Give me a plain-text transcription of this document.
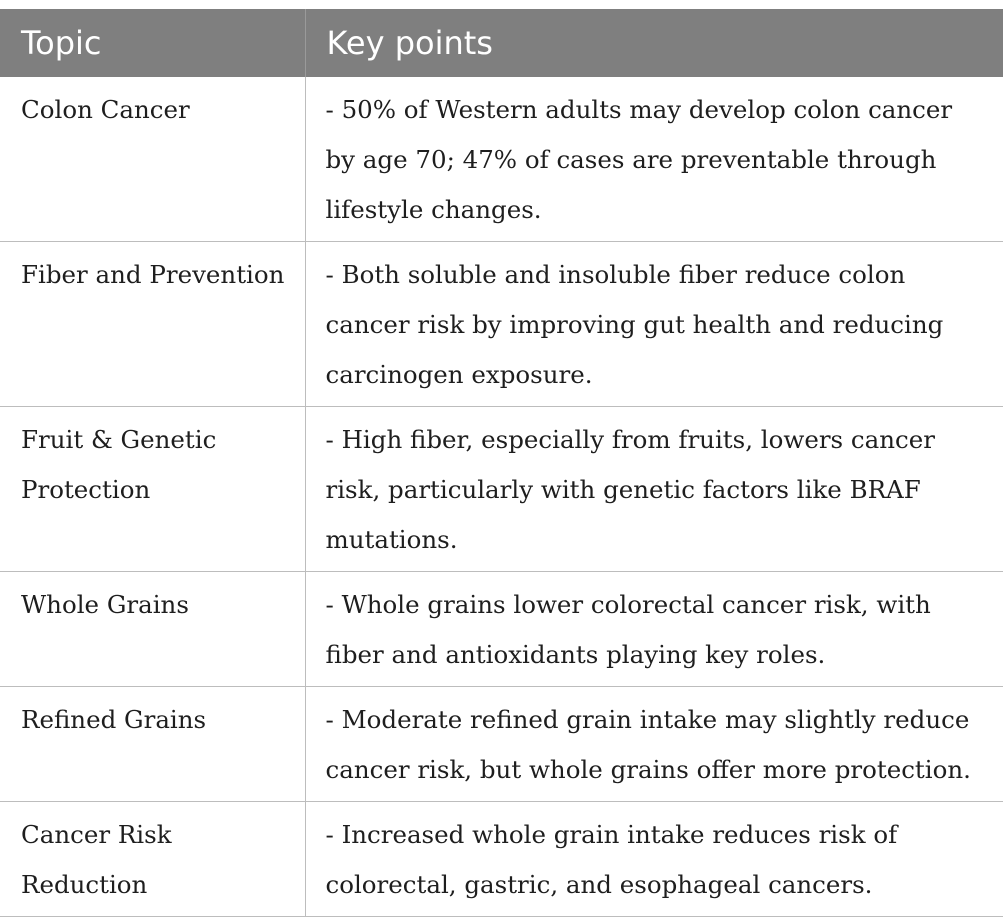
Topic	Key points
Colon Cancer	- 50% of Western adults may develop colon cancer by age 70; 47% of cases are preventable through lifestyle changes.
Fiber and Prevention	- Both soluble and insoluble fiber reduce colon cancer risk by improving gut health and reducing carcinogen exposure.
Fruit & Genetic Protection	- High fiber, especially from fruits, lowers cancer risk, particularly with genetic factors like BRAF mutations.
Whole Grains	- Whole grains lower colorectal cancer risk, with fiber and antioxidants playing key roles.
Refined Grains	- Moderate refined grain intake may slightly reduce cancer risk, but whole grains offer more protection.
Cancer Risk Reduction	- Increased whole grain intake reduces risk of colorectal, gastric, and esophageal cancers.
